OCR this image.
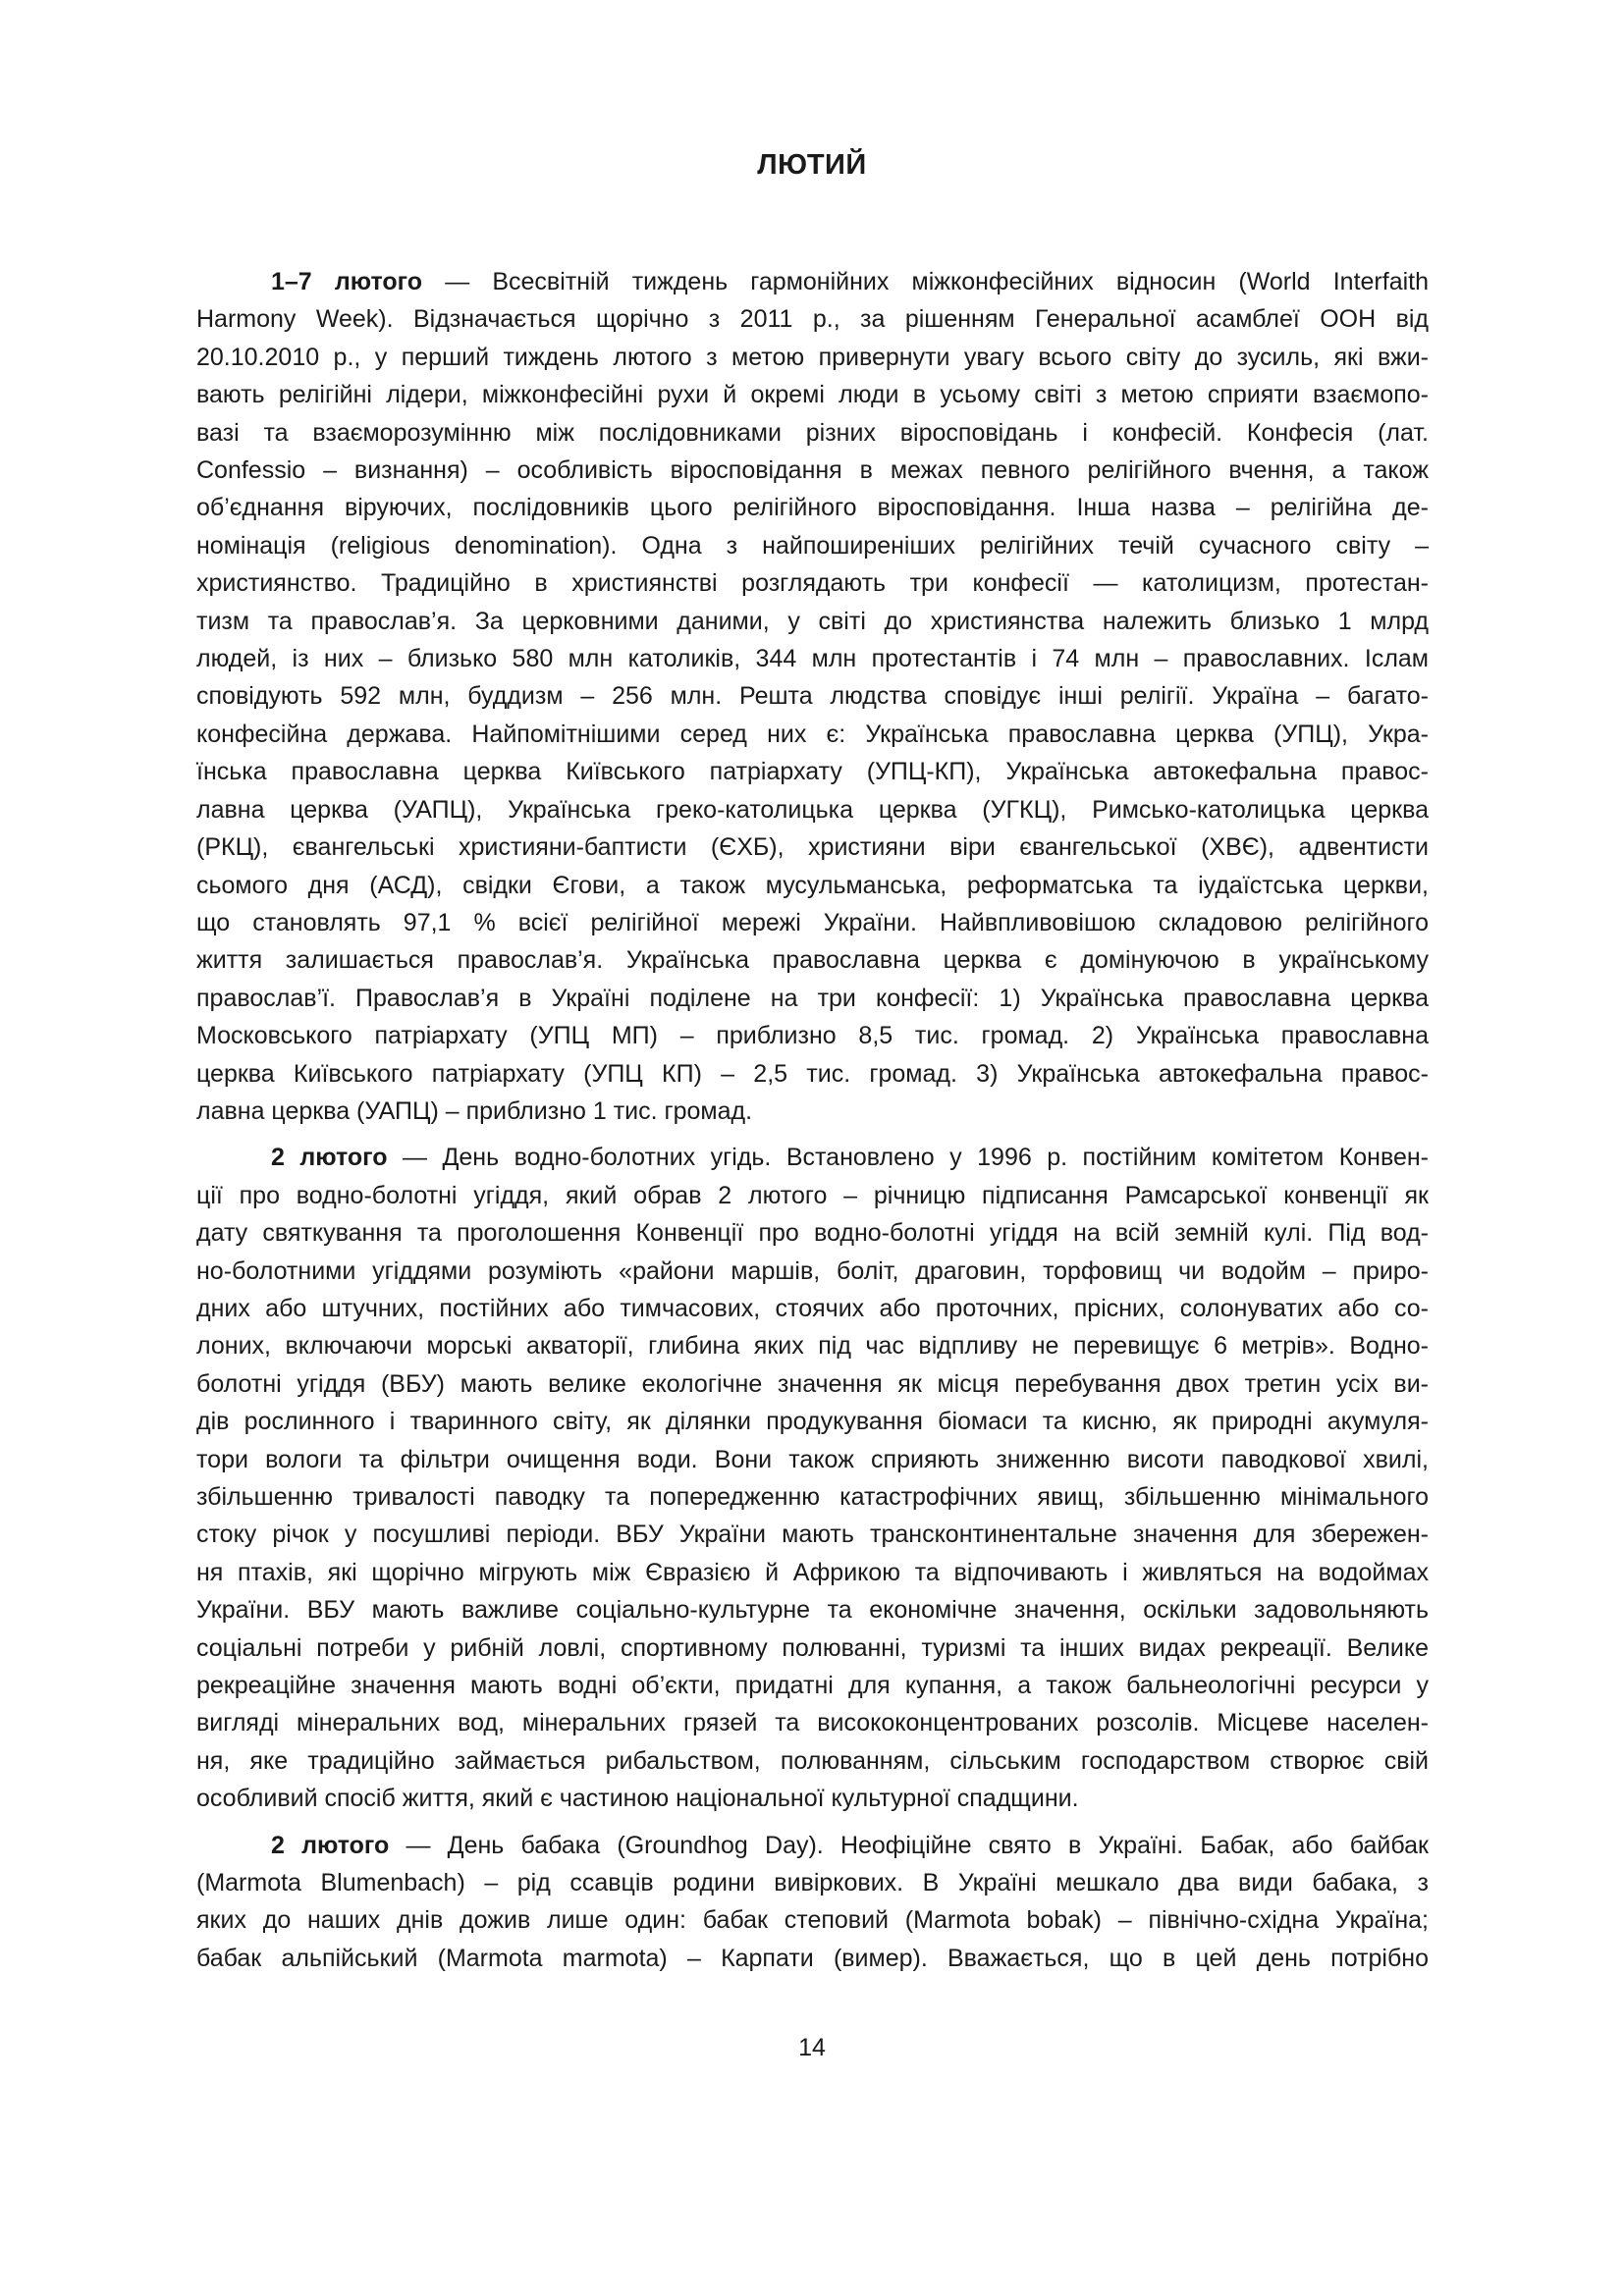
ЛЮТИЙ

1–7 лютого — Всесвітній тиждень гармонійних міжконфесійних відносин (World Interfaith
Harmony Week). Відзначається щорічно з 2011 р., за рішенням Генеральної асамблеї ООН від
20.10.2010 р., у перший тиждень лютого з метою привернути увагу всього світу до зусиль, які вжи-
вають релігійні лідери, міжконфесійні рухи й окремі люди в усьому світі з метою сприяти взаємопо-
вазі та взаєморозумінню між послідовниками різних віросповідань і конфесій. Конфесія (лат.
Confessio – визнання) – особливість віросповідання в межах певного релігійного вчення, а також
об’єднання віруючих, послідовників цього релігійного віросповідання. Інша назва – релігійна де-
номінація (religious denomination). Одна з найпоширеніших релігійних течій сучасного світу –
християнство. Традиційно в християнстві розглядають три конфесії — католицизм, протестан-
тизм та православ’я. За церковними даними, у світі до християнства належить близько 1 млрд
людей, із них – близько 580 млн католиків, 344 млн протестантів і 74 млн – православних. Іслам
сповідують 592 млн, буддизм – 256 млн. Решта людства сповідує інші релігії. Україна – багато-
конфесійна держава. Найпомітнішими серед них є: Українська православна церква (УПЦ), Укра-
їнська православна церква Київського патріархату (УПЦ-КП), Українська автокефальна правос-
лавна церква (УАПЦ), Українська греко-католицька церква (УГКЦ), Римсько-католицька церква
(РКЦ), євангельські християни-баптисти (ЄХБ), християни віри євангельської (ХВЄ), адвентисти
сьомого дня (АСД), свідки Єгови, а також мусульманська, реформатська та іудаїстська церкви,
що становлять 97,1 % всієї релігійної мережі України. Найвпливовішою складовою релігійного
життя залишається православ’я. Українська православна церква є домінуючою в українському
православ’ї. Православ’я в Україні поділене на три конфесії: 1) Українська православна церква
Московського патріархату (УПЦ МП) – приблизно 8,5 тис. громад. 2) Українська православна
церква Київського патріархату (УПЦ КП) – 2,5 тис. громад. 3) Українська автокефальна правос-
лавна церква (УАПЦ) – приблизно 1 тис. громад.

2 лютого — День водно-болотних угідь. Встановлено у 1996 р. постійним комітетом Конвен-
ції про водно-болотні угіддя, який обрав 2 лютого – річницю підписання Рамсарської конвенції як
дату святкування та проголошення Конвенції про водно-болотні угіддя на всій земній кулі. Під вод-
но-болотними угіддями розуміють «райони маршів, боліт, драговин, торфовищ чи водойм – приро-
дних або штучних, постійних або тимчасових, стоячих або проточних, прісних, солонуватих або со-
лоних, включаючи морські акваторії, глибина яких під час відпливу не перевищує 6 метрів». Водно-
болотні угіддя (ВБУ) мають велике екологічне значення як місця перебування двох третин усіх ви-
дів рослинного і тваринного світу, як ділянки продукування біомаси та кисню, як природні акумуля-
тори вологи та фільтри очищення води. Вони також сприяють зниженню висоти паводкової хвилі,
збільшенню тривалості паводку та попередженню катастрофічних явищ, збільшенню мінімального
стоку річок у посушливі періоди. ВБУ України мають трансконтинентальне значення для збережен-
ня птахів, які щорічно мігрують між Євразією й Африкою та відпочивають і живляться на водоймах
України. ВБУ мають важливе соціально-культурне та економічне значення, оскільки задовольняють
соціальні потреби у рибній ловлі, спортивному полюванні, туризмі та інших видах рекреації. Велике
рекреаційне значення мають водні об’єкти, придатні для купання, а також бальнеологічні ресурси у
вигляді мінеральних вод, мінеральних грязей та висококонцентрованих розсолів. Місцеве населен-
ня, яке традиційно займається рибальством, полюванням, сільським господарством створює свій
особливий спосіб життя, який є частиною національної культурної спадщини.

2 лютого — День бабака (Groundhog Day). Неофіційне свято в Україні. Бабак, або байбак
(Marmota Blumenbach) – рід ссавців родини вивіркових. В Україні мешкало два види бабака, з
яких до наших днів дожив лише один: бабак степовий (Marmota bobak) – північно-східна Україна;
бабак альпійський (Marmota marmota) – Карпати (вимер). Вважається, що в цей день потрібно

14
